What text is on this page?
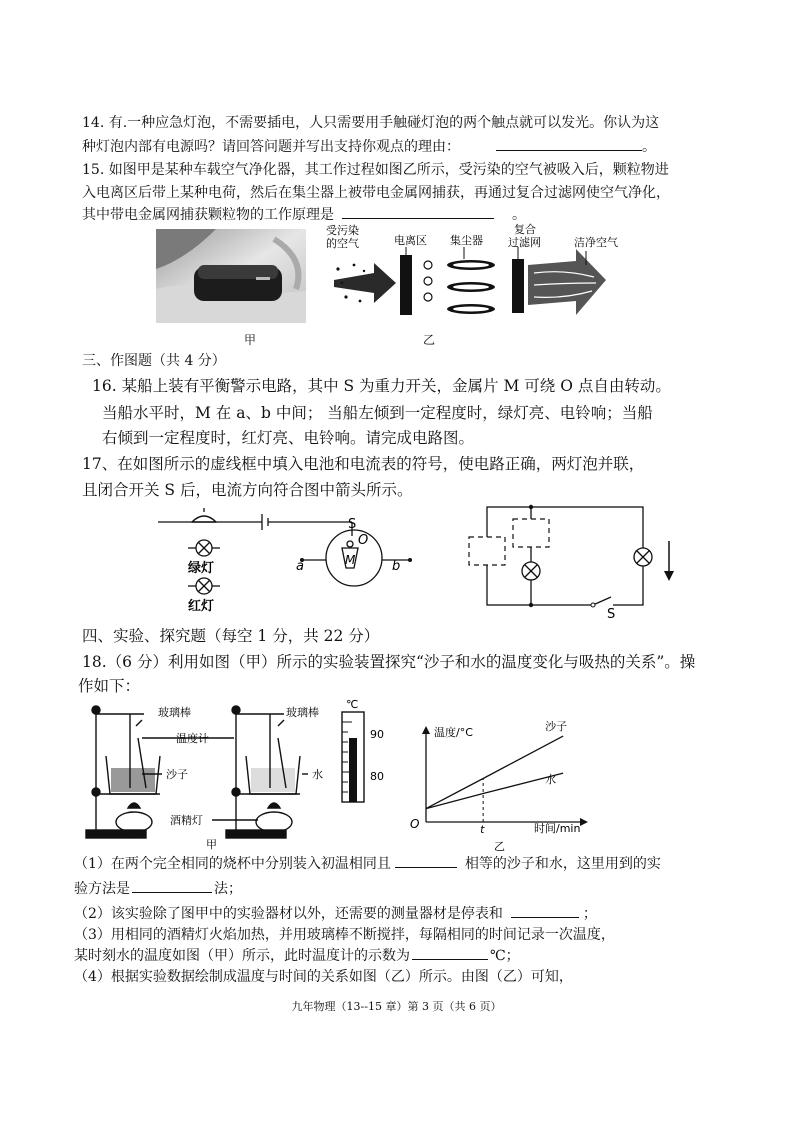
14. 有.一种应急灯泡，不需要插电，人只需要用手触碰灯泡的两个触点就可以发光。你认为这
种灯泡内部有电源吗？请回答问题并写出支持你观点的理由：	。
15. 如图甲是某种车载空气净化器，其工作过程如图乙所示，受污染的空气被吸入后，颗粒物进
入电离区后带上某种电荷，然后在集尘器上被带电金属网捕获，再通过复合过滤网使空气净化，
其中带电金属网捕获颗粒物的工作原理是	。
甲
受污染
的空气	电离区 集尘器
复合
过滤网	洁净空气
乙
三、作图题（共 4 分）
16. 某船上装有平衡警示电路，其中 S 为重力开关，金属片 M 可绕 O 点自由转动。
当船水平时，M 在 a、b 中间； 当船左倾到一定程度时，绿灯亮、电铃响；当船
右倾到一定程度时，红灯亮、电铃响。请完成电路图。
17、在如图所示的虚线框中填入电池和电流表的符号，使电路正确，两灯泡并联，
且闭合开关 S 后，电流方向符合图中箭头所示。
S
O
M
a	b
绿灯
红灯
S
四、实验、探究题（每空 1 分，共 22 分）
18.（6 分）利用如图（甲）所示的实验装置探究“沙子和水的温度变化与吸热的关系”。操
作如下：
玻璃棒	玻璃棒
温度计
沙子	水
酒精灯
甲
℃
90
80
沙子
水
温度/°C
时间/min
O	t
乙
（1）在两个完全相同的烧杯中分别装入初温相同且	相等的沙子和水，这里用到的实
验方法是	法；
（2）该实验除了图甲中的实验器材以外，还需要的测量器材是停表和	；
（3）用相同的酒精灯火焰加热，并用玻璃棒不断搅拌，每隔相同的时间记录一次温度，
某时刻水的温度如图（甲）所示，此时温度计的示数为	℃；
（4）根据实验数据绘制成温度与时间的关系如图（乙）所示。由图（乙）可知，
九年物理（13--15 章）第 3 页（共 6 页）
